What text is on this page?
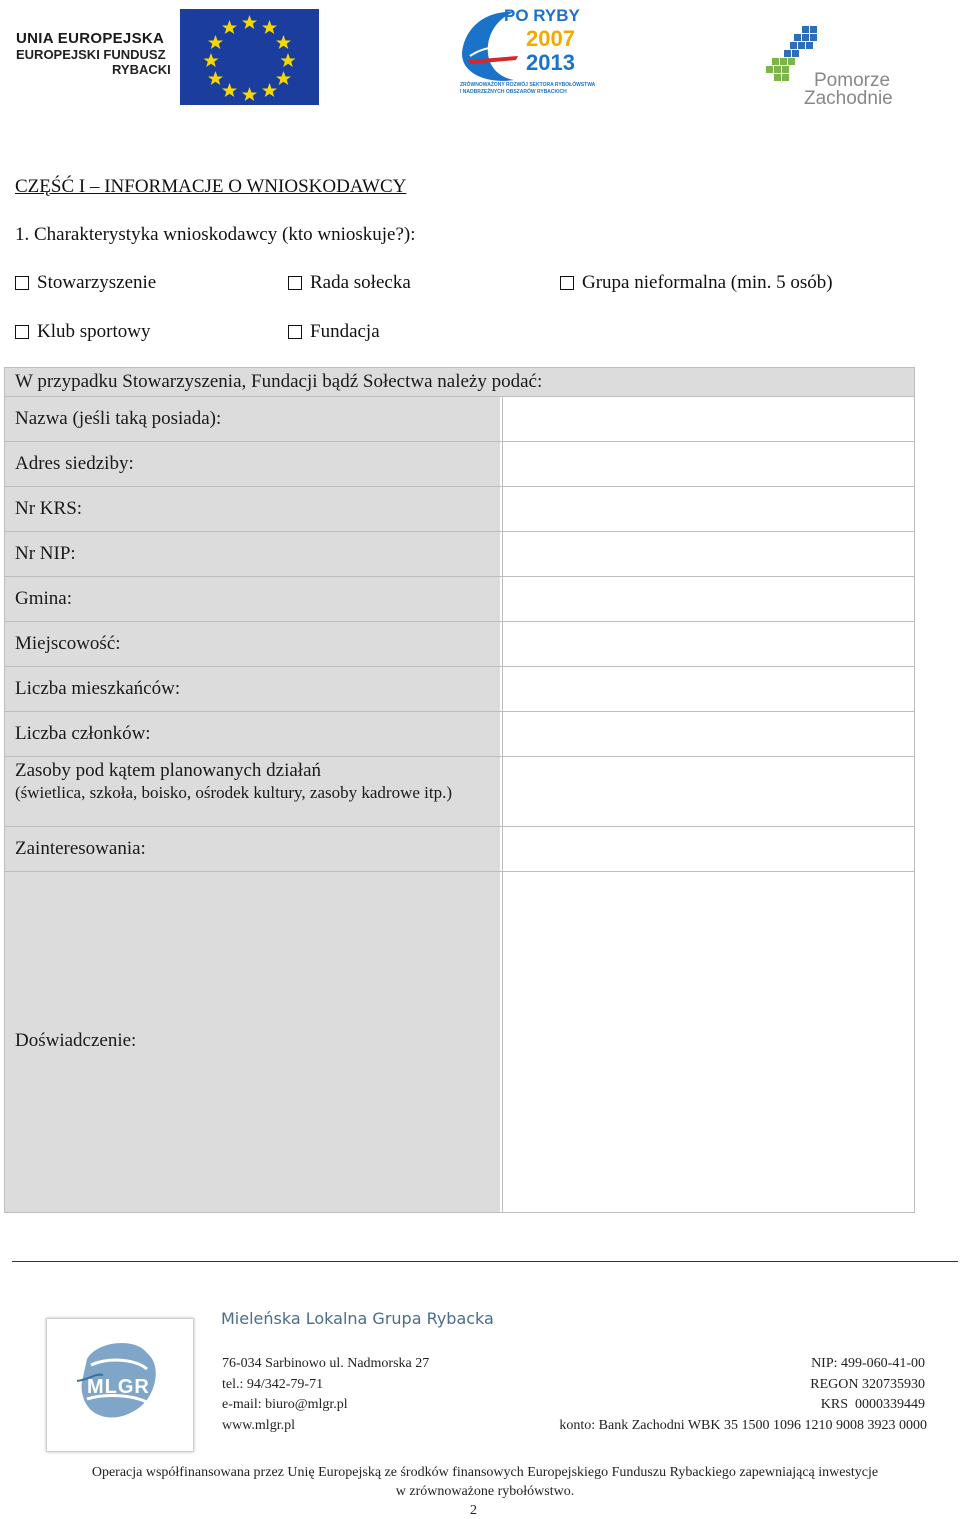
UNIA EUROPEJSKA
EUROPEJSKI FUNDUSZ
RYBACKI
PO RYBY
2007
2013
ZRÓWNOWAŻONY ROZWÓJ SEKTORA RYBOŁÓWSTWA
I NADBRZEŻNYCH OBSZARÓW RYBACKICH
Pomorze
Zachodnie
CZĘŚĆ I – INFORMACJE O WNIOSKODAWCY
1. Charakterystyka wnioskodawcy (kto wnioskuje?):
Stowarzyszenie	Rada sołecka	Grupa nieformalna (min. 5 osób)
Klub sportowy	Fundacja
W przypadku Stowarzyszenia, Fundacji bądź Sołectwa należy podać:
Nazwa (jeśli taką posiada):
Adres siedziby:
Nr KRS:
Nr NIP:
Gmina:
Miejscowość:
Liczba mieszkańców:
Liczba członków:
Zasoby pod kątem planowanych działań
(świetlica, szkoła, boisko, ośrodek kultury, zasoby kadrowe itp.)
Zainteresowania:
Doświadczenie:
MLGR
Mieleńska Lokalna Grupa Rybacka
76-034 Sarbinowo ul. Nadmorska 27
tel.: 94/342-79-71
e-mail: biuro@mlgr.pl
www.mlgr.pl
NIP: 499-060-41-00
REGON 320735930
KRS  0000339449
konto: Bank Zachodni WBK 35 1500 1096 1210 9008 3923 0000
Operacja współfinansowana przez Unię Europejską ze środków finansowych Europejskiego Funduszu Rybackiego zapewniającą inwestycje
w zrównoważone rybołówstwo.
2
